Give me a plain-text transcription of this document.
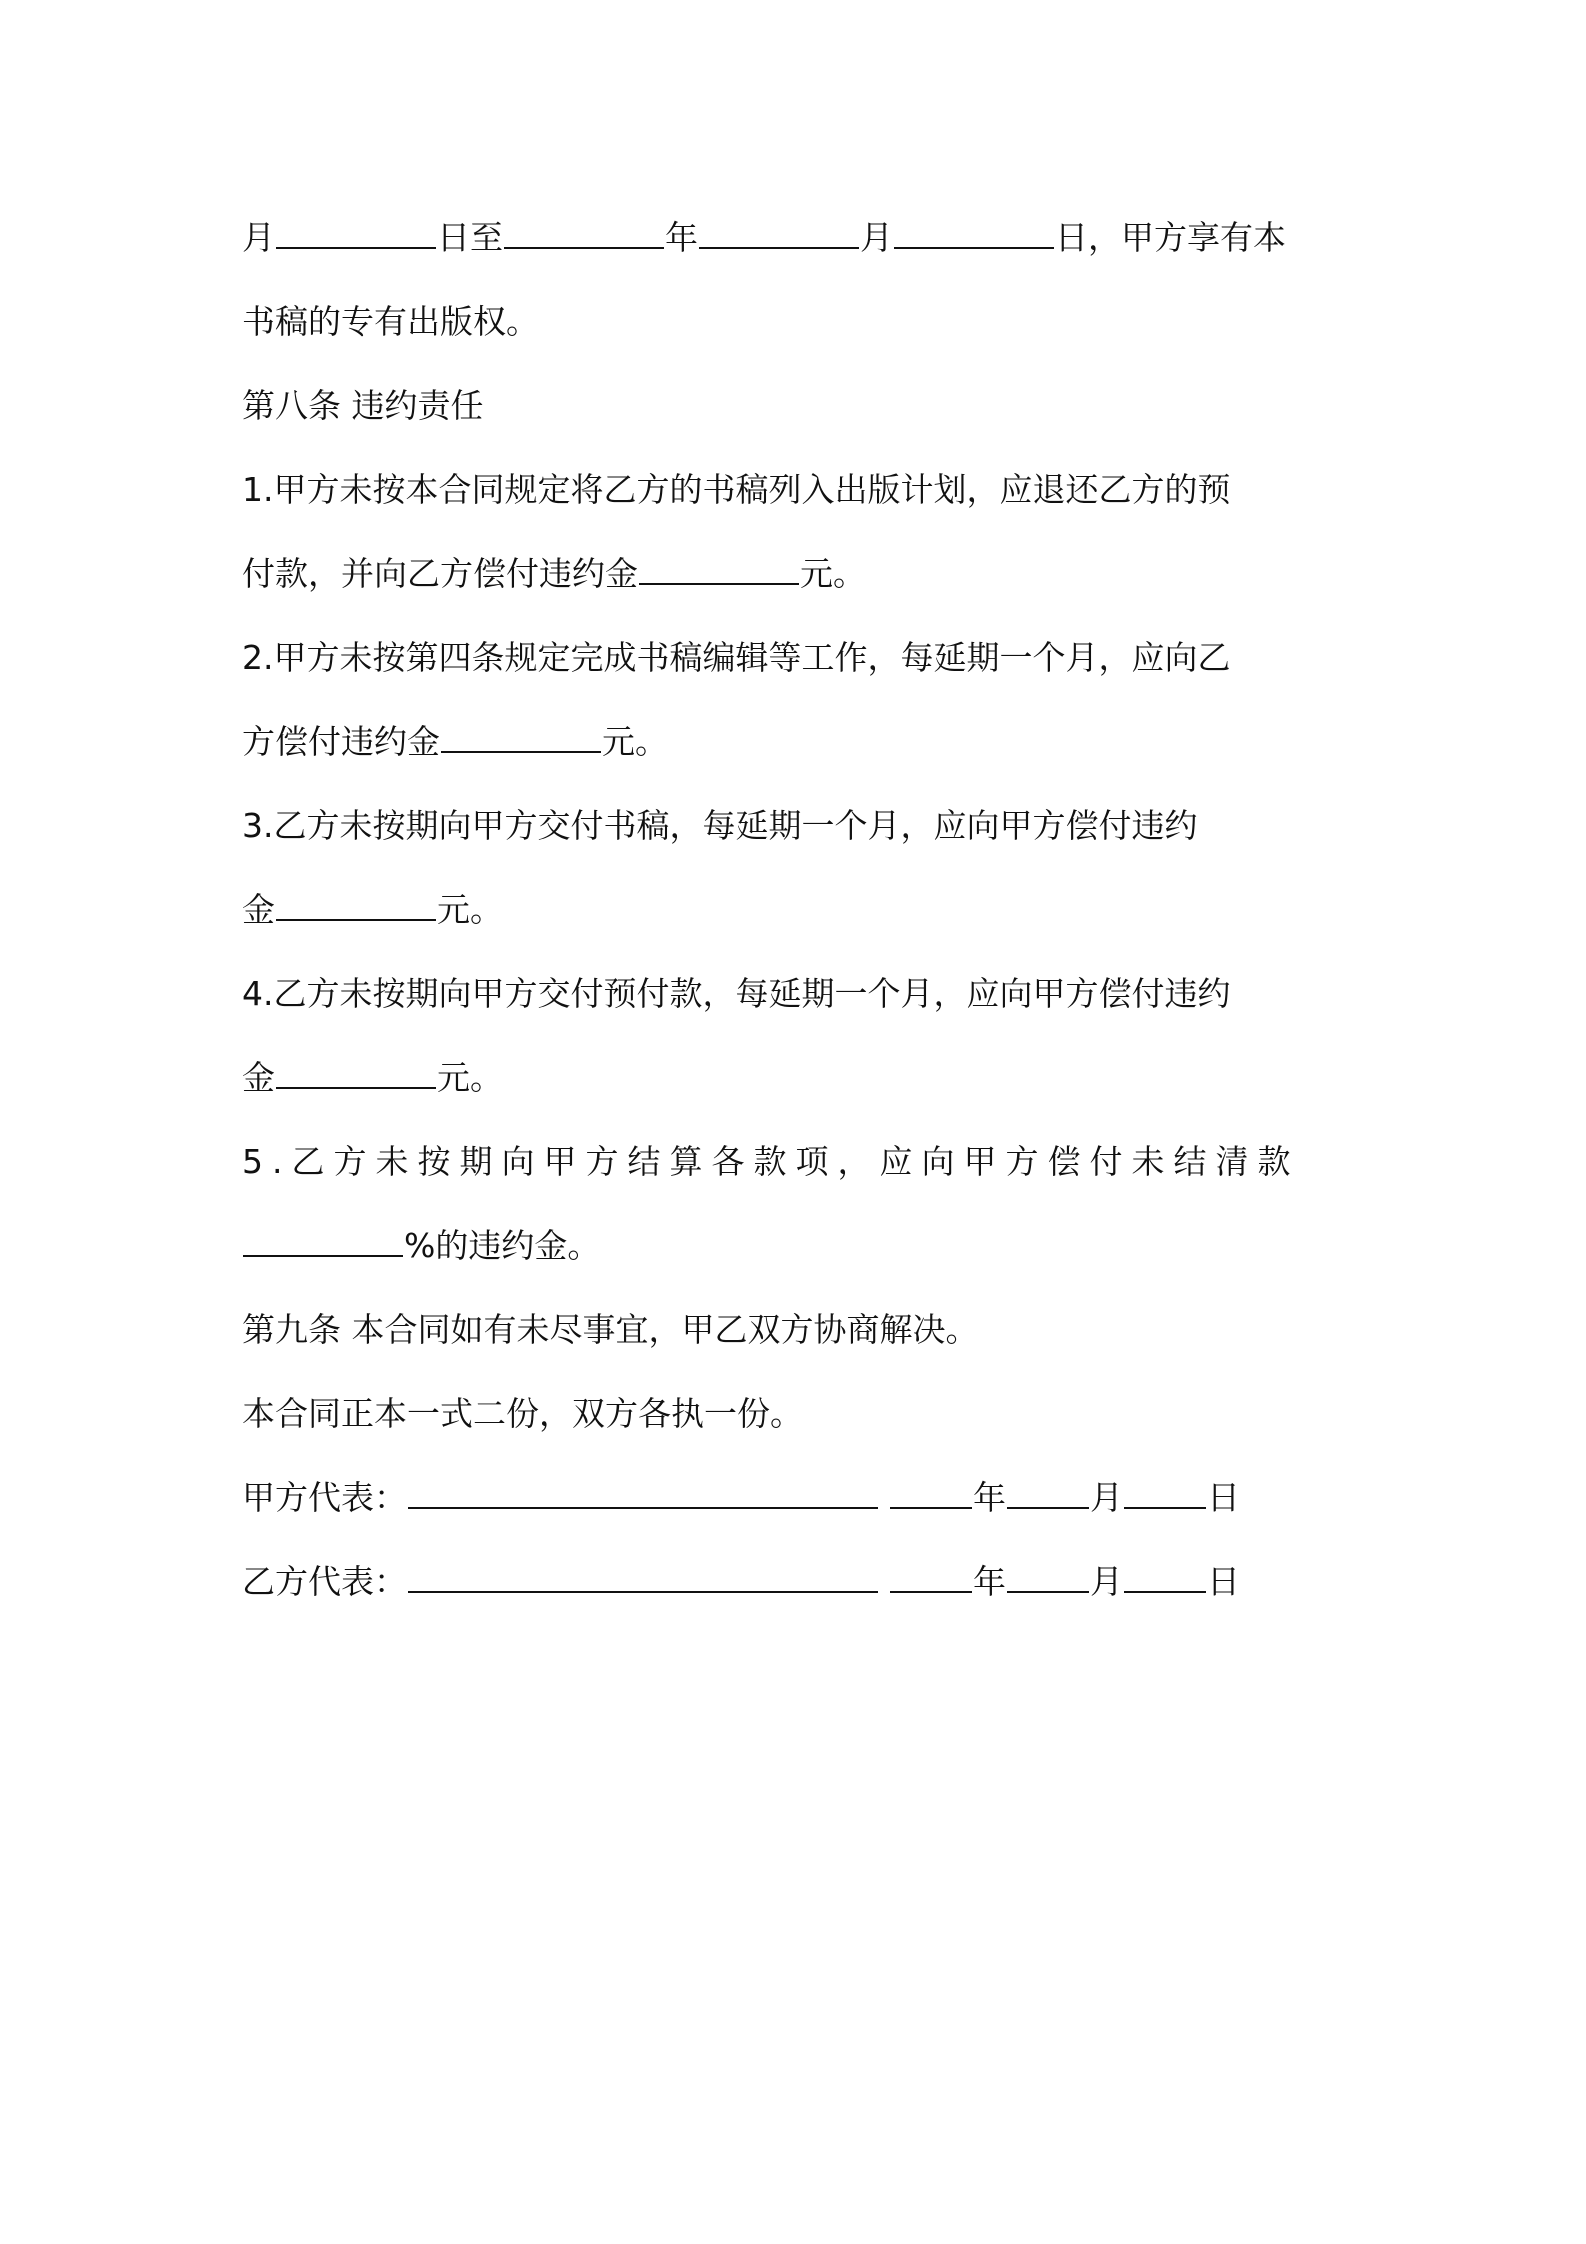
月	日至	年	月	日，甲方享有本
书稿的专有出版权。
第八条 违约责任
1.甲方未按本合同规定将乙方的书稿列入出版计划，应退还乙方的预
付款，并向乙方偿付违约金	元。
2.甲方未按第四条规定完成书稿编辑等工作，每延期一个月，应向乙
方偿付违约金	元。
3.乙方未按期向甲方交付书稿，每延期一个月，应向甲方偿付违约
金	元。
4.乙方未按期向甲方交付预付款，每延期一个月，应向甲方偿付违约
金	元。
5.乙方未按期向甲方结算各款项，应向甲方偿付未结清款
%的违约金。
第九条 本合同如有未尽事宜，甲乙双方协商解决。
本合同正本一式二份，双方各执一份。
甲方代表：	年	月	日
乙方代表：	年	月	日
